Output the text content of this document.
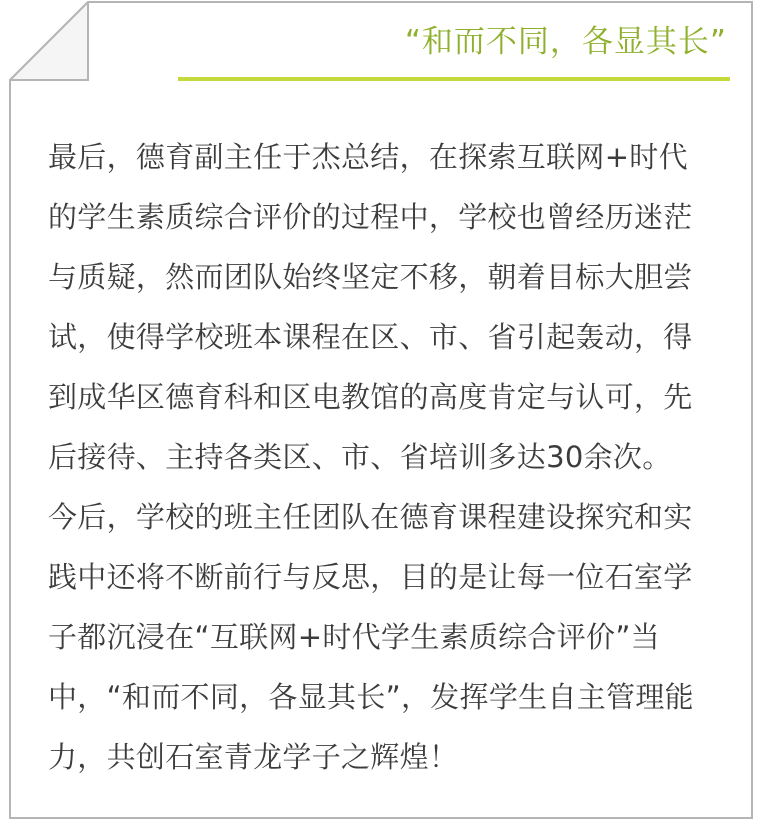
“和而不同，各显其长”
最后，德育副主任于杰总结，在探索互联网+时代
的学生素质综合评价的过程中，学校也曾经历迷茫
与质疑，然而团队始终坚定不移，朝着目标大胆尝
试，使得学校班本课程在区、市、省引起轰动，得
到成华区德育科和区电教馆的高度肯定与认可，先
后接待、主持各类区、市、省培训多达30余次。
今后，学校的班主任团队在德育课程建设探究和实
践中还将不断前行与反思，目的是让每一位石室学
子都沉浸在“互联网+时代学生素质综合评价”当
中，“和而不同，各显其长”，发挥学生自主管理能
力，共创石室青龙学子之辉煌！
